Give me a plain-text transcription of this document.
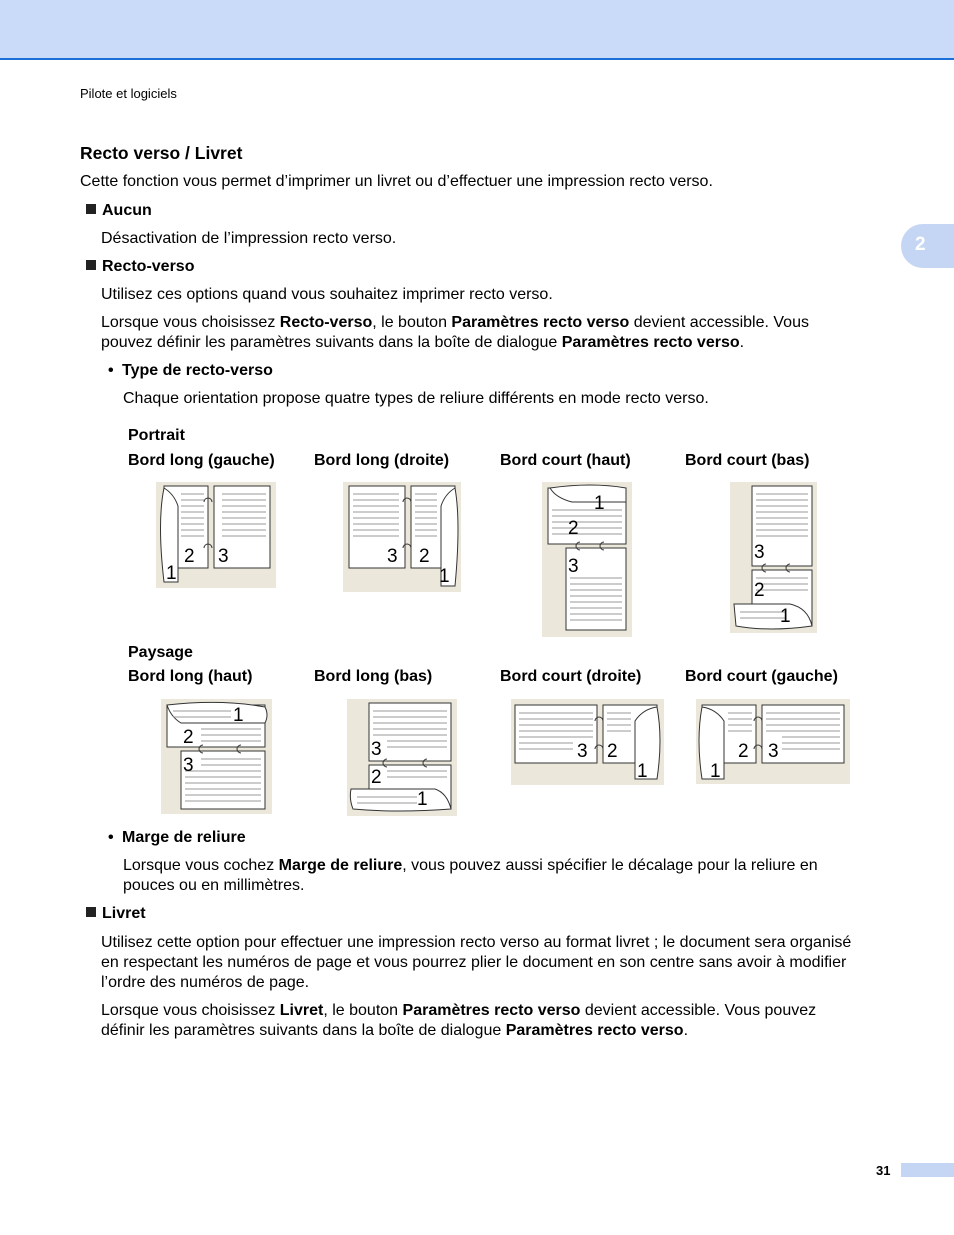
Pilote et logiciels
2
Recto verso / Livret
Cette fonction vous permet d’imprimer un livret ou d’effectuer une impression recto verso.
Aucun
Désactivation de l’impression recto verso.
Recto-verso
Utilisez ces options quand vous souhaitez imprimer recto verso.
Lorsque vous choisissez Recto-verso, le bouton Paramètres recto verso devient accessible. Vous
pouvez définir les paramètres suivants dans la boîte de dialogue Paramètres recto verso.
• Type de recto-verso
Chaque orientation propose quatre types de reliure différents en mode recto verso.
Portrait
Bord long (gauche) Bord long (droite)	Bord court (haut)	Bord court (bas)
Paysage
Bord long (haut)	Bord long (bas)	Bord court (droite)	Bord court (gauche)
2 3
1
3 2
1
1
2
3
3
2
1
1
2
3
3
2
1
3 2
1
2 3
1
• Marge de reliure
Lorsque vous cochez Marge de reliure, vous pouvez aussi spécifier le décalage pour la reliure en
pouces ou en millimètres.
Livret
Utilisez cette option pour effectuer une impression recto verso au format livret ; le document sera organisé
en respectant les numéros de page et vous pourrez plier le document en son centre sans avoir à modifier
l’ordre des numéros de page.
Lorsque vous choisissez Livret, le bouton Paramètres recto verso devient accessible. Vous pouvez
définir les paramètres suivants dans la boîte de dialogue Paramètres recto verso.
31
